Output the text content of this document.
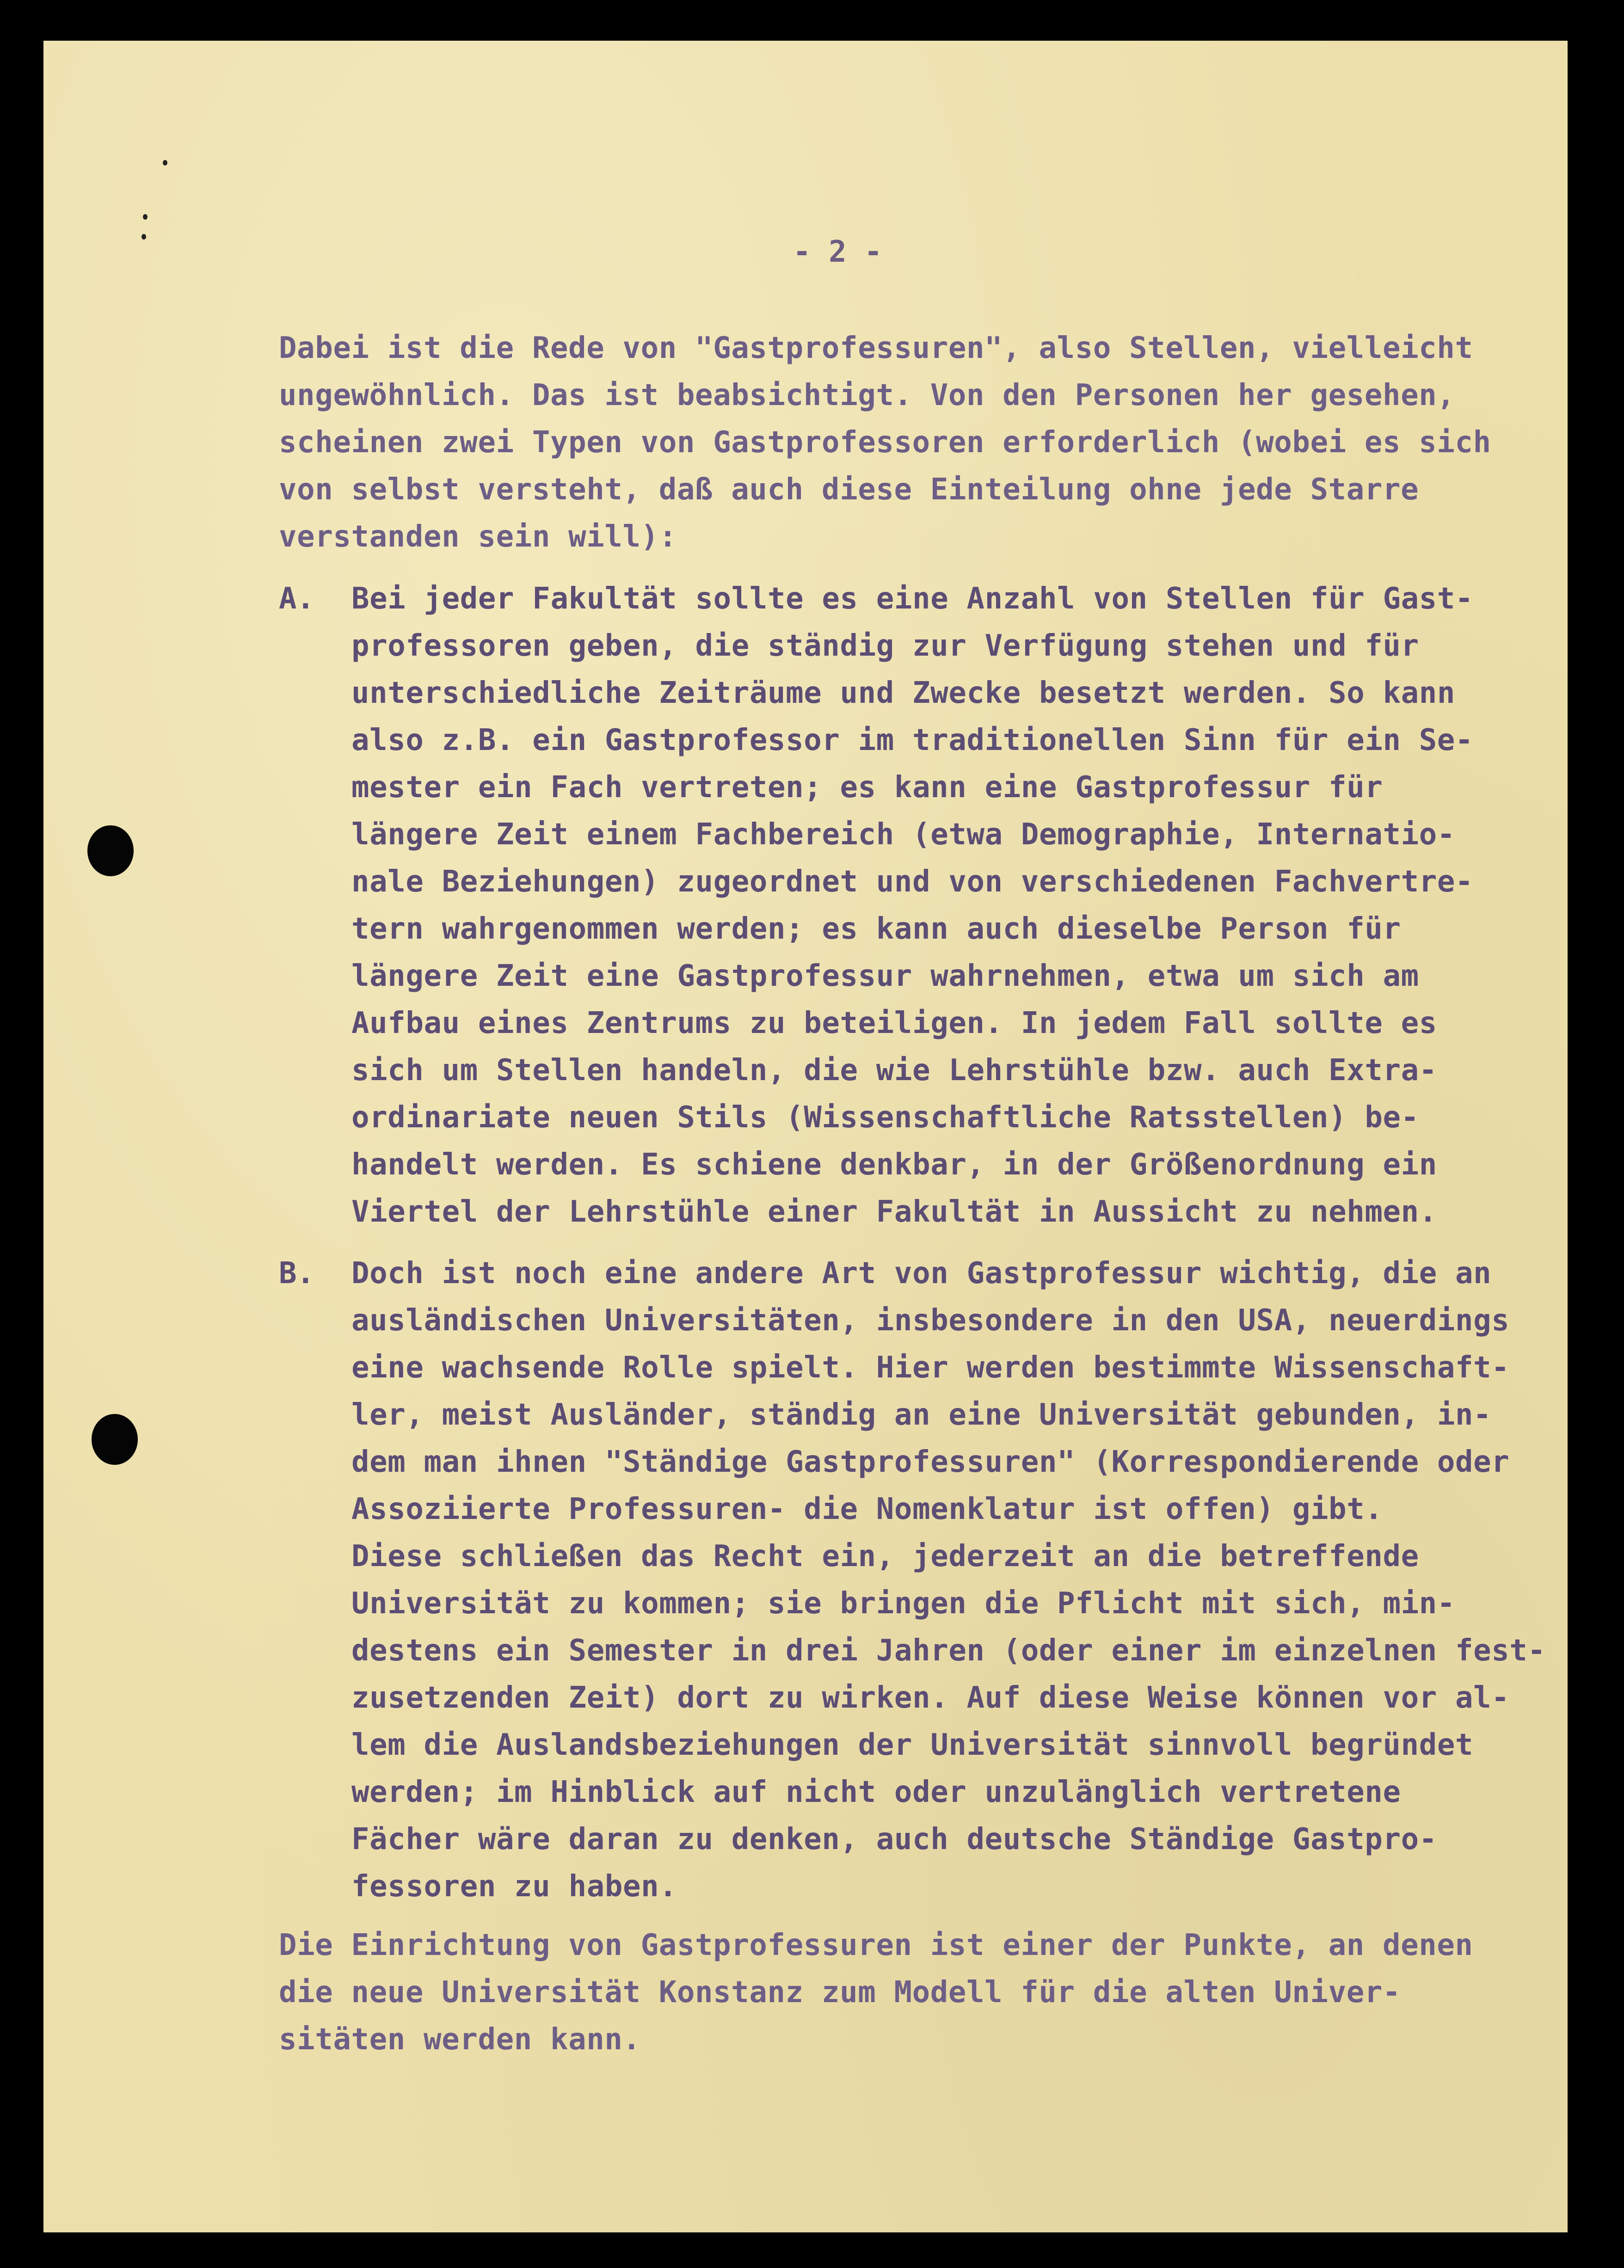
- 2 -
Dabei ist die Rede von "Gastprofessuren", also Stellen, vielleicht
ungewöhnlich. Das ist beabsichtigt. Von den Personen her gesehen,
scheinen zwei Typen von Gastprofessoren erforderlich (wobei es sich
von selbst versteht, daß auch diese Einteilung ohne jede Starre
verstanden sein will):
A. Bei jeder Fakultät sollte es eine Anzahl von Stellen für Gast-
professoren geben, die ständig zur Verfügung stehen und für
unterschiedliche Zeiträume und Zwecke besetzt werden. So kann
also z.B. ein Gastprofessor im traditionellen Sinn für ein Se-
mester ein Fach vertreten; es kann eine Gastprofessur für
längere Zeit einem Fachbereich (etwa Demographie, Internatio-
nale Beziehungen) zugeordnet und von verschiedenen Fachvertre-
tern wahrgenommen werden; es kann auch dieselbe Person für
längere Zeit eine Gastprofessur wahrnehmen, etwa um sich am
Aufbau eines Zentrums zu beteiligen. In jedem Fall sollte es
sich um Stellen handeln, die wie Lehrstühle bzw. auch Extra-
ordinariate neuen Stils (Wissenschaftliche Ratsstellen) be-
handelt werden. Es schiene denkbar, in der Größenordnung ein
Viertel der Lehrstühle einer Fakultät in Aussicht zu nehmen.
B. Doch ist noch eine andere Art von Gastprofessur wichtig, die an
ausländischen Universitäten, insbesondere in den USA, neuerdings
eine wachsende Rolle spielt. Hier werden bestimmte Wissenschaft-
ler, meist Ausländer, ständig an eine Universität gebunden, in-
dem man ihnen "Ständige Gastprofessuren" (Korrespondierende oder
Assoziierte Professuren- die Nomenklatur ist offen) gibt.
Diese schließen das Recht ein, jederzeit an die betreffende
Universität zu kommen; sie bringen die Pflicht mit sich, min-
destens ein Semester in drei Jahren (oder einer im einzelnen fest-
zusetzenden Zeit) dort zu wirken. Auf diese Weise können vor al-
lem die Auslandsbeziehungen der Universität sinnvoll begründet
werden; im Hinblick auf nicht oder unzulänglich vertretene
Fächer wäre daran zu denken, auch deutsche Ständige Gastpro-
fessoren zu haben.
Die Einrichtung von Gastprofessuren ist einer der Punkte, an denen
die neue Universität Konstanz zum Modell für die alten Univer-
sitäten werden kann.
